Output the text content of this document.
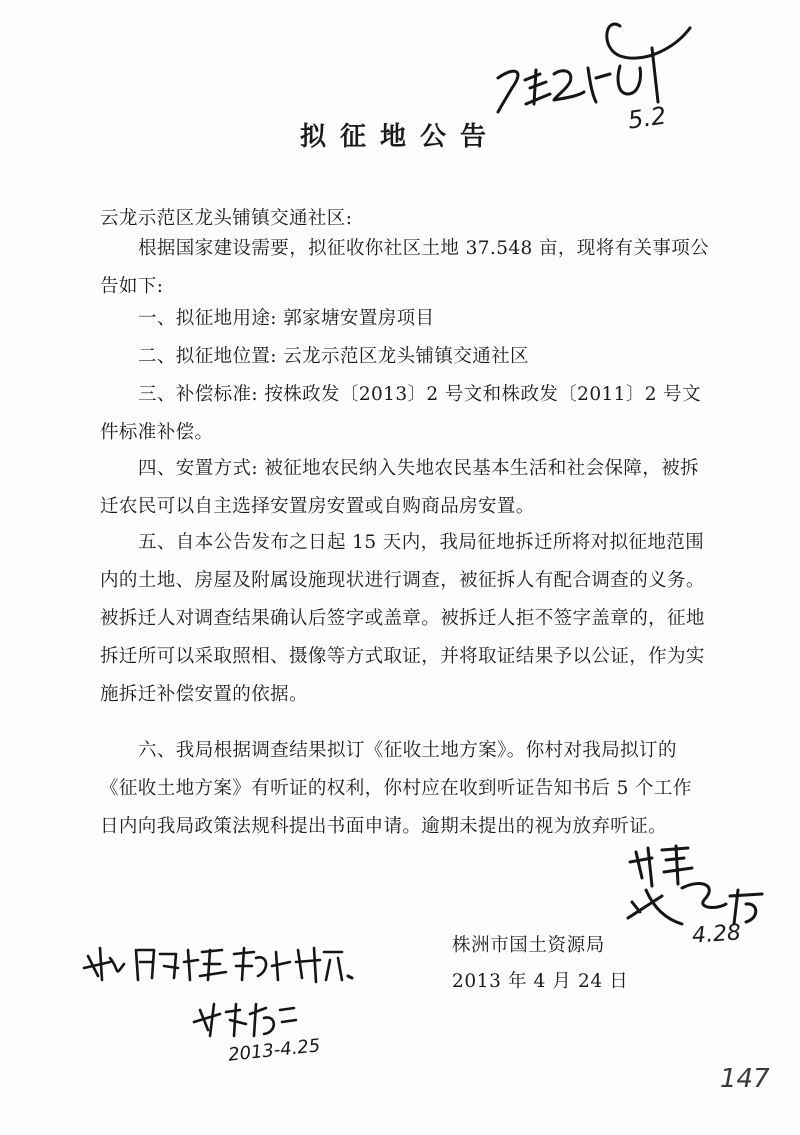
5.2
拟征地公告
云龙示范区龙头铺镇交通社区:

根据国家建设需要，拟征收你社区土地 37.548 亩，现将有关事项公告如下:

一、拟征地用途: 郭家塘安置房项目

二、拟征地位置: 云龙示范区龙头铺镇交通社区

三、补偿标准: 按株政发〔2013〕2 号文和株政发〔2011〕2 号文件标准补偿。

四、安置方式: 被征地农民纳入失地农民基本生活和社会保障，被拆迁农民可以自主选择安置房安置或自购商品房安置。

五、自本公告发布之日起 15 天内，我局征地拆迁所将对拟征地范围内的土地、房屋及附属设施现状进行调查，被征拆人有配合调查的义务。被拆迁人对调查结果确认后签字或盖章。被拆迁人拒不签字盖章的，征地拆迁所可以采取照相、摄像等方式取证，并将取证结果予以公证，作为实施拆迁补偿安置的依据。

六、我局根据调查结果拟订《征收土地方案》。你村对我局拟订的《征收土地方案》有听证的权利，你村应在收到听证告知书后 5 个工作日内向我局政策法规科提出书面申请。逾期未提出的视为放弃听证。

4.28
株洲市国土资源局
2013 年 4 月 24 日
2013-4.25
147
